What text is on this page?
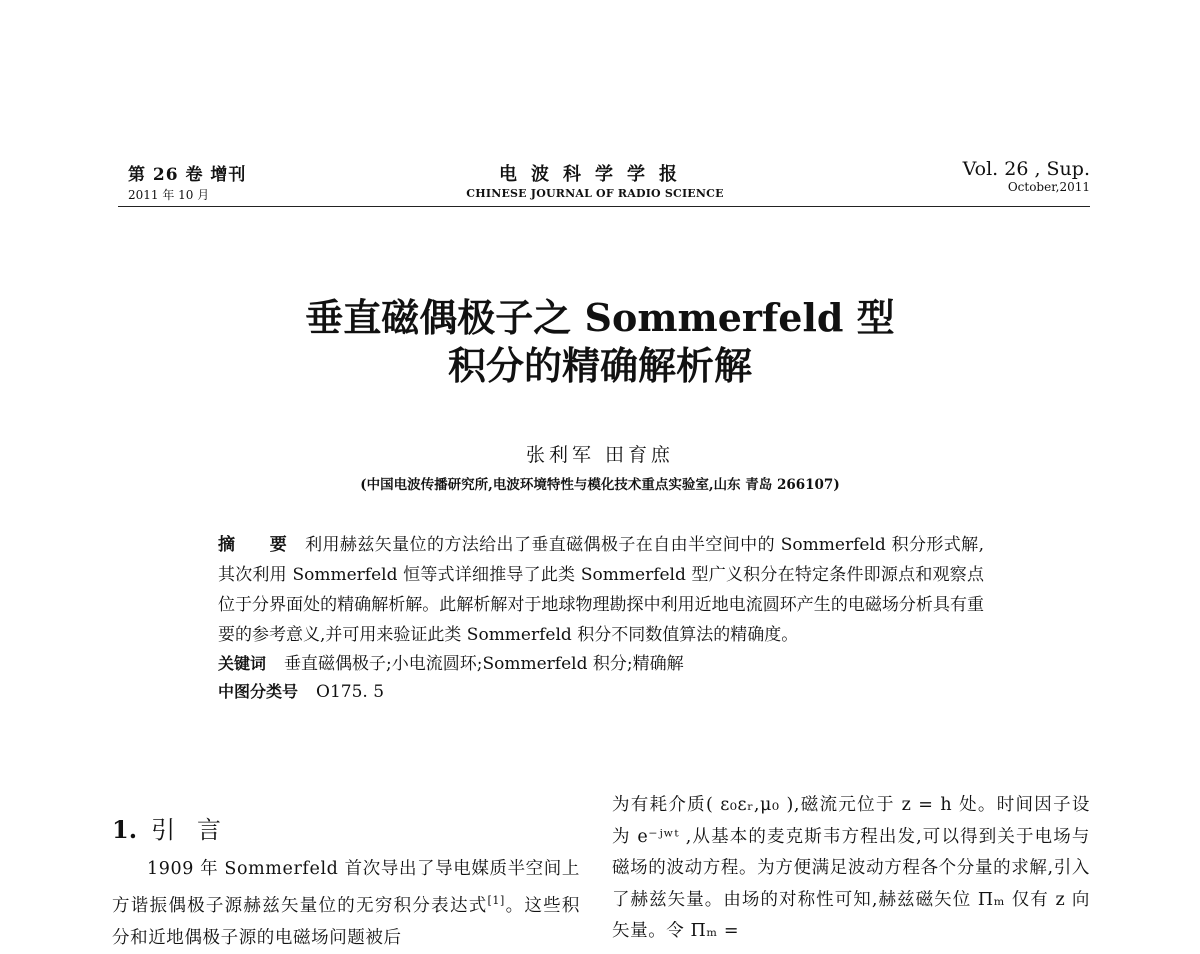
第 26 卷 增刊
2011 年 10 月
电波科学学报
CHINESE JOURNAL OF RADIO SCIENCE
Vol. 26 , Sup.
October,2011
垂直磁偶极子之 Sommerfeld 型
积分的精确解析解
张利军 田育庶
(中国电波传播研究所,电波环境特性与模化技术重点实验室,山东 青岛 266107)

摘 要 利用赫兹矢量位的方法给出了垂直磁偶极子在自由半空间中的 Sommerfeld 积分形式解,其次利用 Sommerfeld 恒等式详细推导了此类 Sommerfeld 型广义积分在特定条件即源点和观察点位于分界面处的精确解析解。此解析解对于地球物理勘探中利用近地电流圆环产生的电磁场分析具有重要的参考意义,并可用来验证此类 Sommerfeld 积分不同数值算法的精确度。

关键词 垂直磁偶极子;小电流圆环;Sommerfeld 积分;精确解
中图分类号 O175. 5
1. 引言

1909 年 Sommerfeld 首次导出了导电媒质半空间上方谐振偶极子源赫兹矢量位的无穷积分表达式[1]。这些积分和近地偶极子源的电磁场问题被后

为有耗介质( ε₀εᵣ,μ₀ ),磁流元位于 z = h 处。时间因子设为 e⁻ʲʷᵗ ,从基本的麦克斯韦方程出发,可以得到关于电场与磁场的波动方程。为方便满足波动方程各个分量的求解,引入了赫兹矢量。由场的对称性可知,赫兹磁矢位 Πₘ 仅有 z 向矢量。令 Πₘ =
